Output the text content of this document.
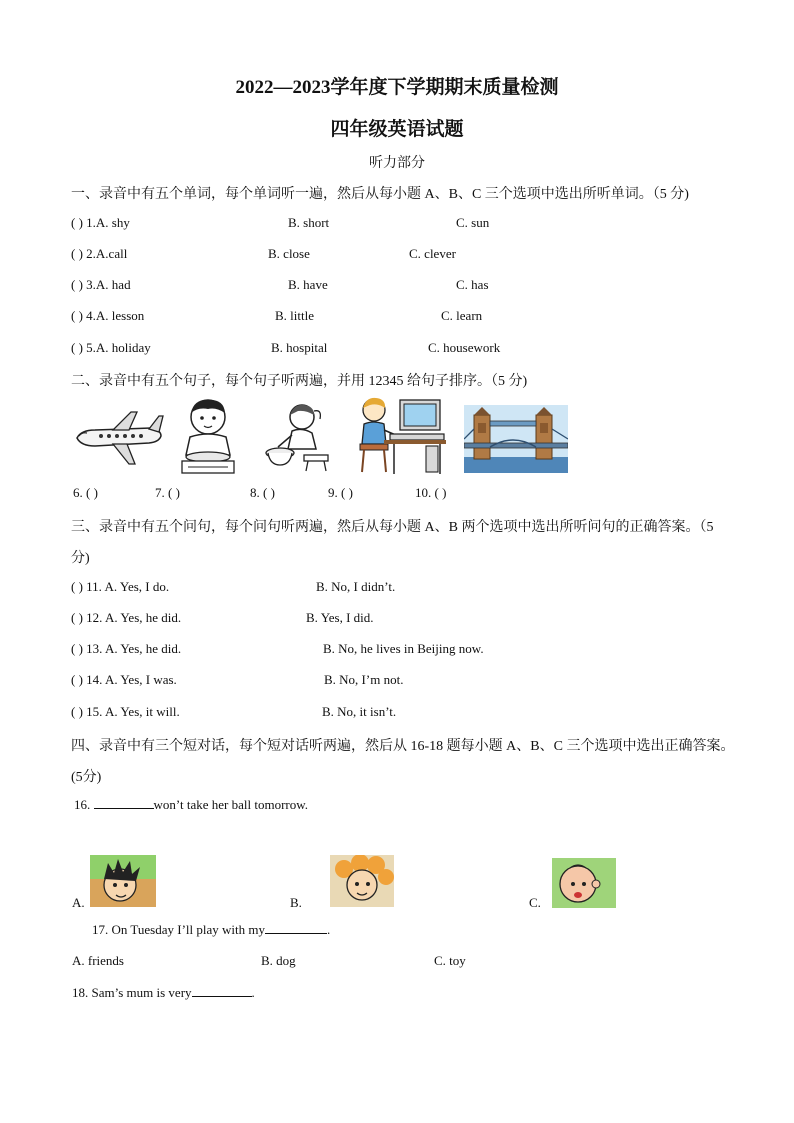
2022—2023学年度下学期期末质量检测
四年级英语试题
听力部分
一、录音中有五个单词，每个单词听一遍，然后从每小题 A、B、C 三个选项中选出所听单词。（5 分)
( ) 1.A. shy	B. short	C. sun
( ) 2.A.call	B. close	C. clever
( ) 3.A. had	B. have	C. has
( ) 4.A. lesson	B. little	C. learn
( ) 5.A. holiday	B. hospital	C. housework
二、录音中有五个句子，每个句子听两遍，并用 12345 给句子排序。（5 分)
6. ( )	7. ( )	8. ( )	9. ( )	10. ( )
三、录音中有五个问句，每个问句听两遍，然后从每小题 A、B 两个选项中选出所听问句的正确答案。（5
分)
( ) 11. A. Yes, I do.	B. No, I didn’t.
( ) 12. A. Yes, he did.	B. Yes, I did.
( ) 13. A. Yes, he did.	B. No, he lives in Beijing now.
( ) 14. A. Yes, I was.	B. No, I’m not.
( ) 15. A. Yes, it will.	B. No, it isn’t.
四、录音中有三个短对话，每个短对话听两遍，然后从 16-18 题每小题 A、B、C 三个选项中选出正确答案。
(5分)
16.	won’t take her ball tomorrow.
A.	B.	C.
17. On Tuesday I’ll play with my	.
A. friends	B. dog	C. toy
18. Sam’s mum is very	.
